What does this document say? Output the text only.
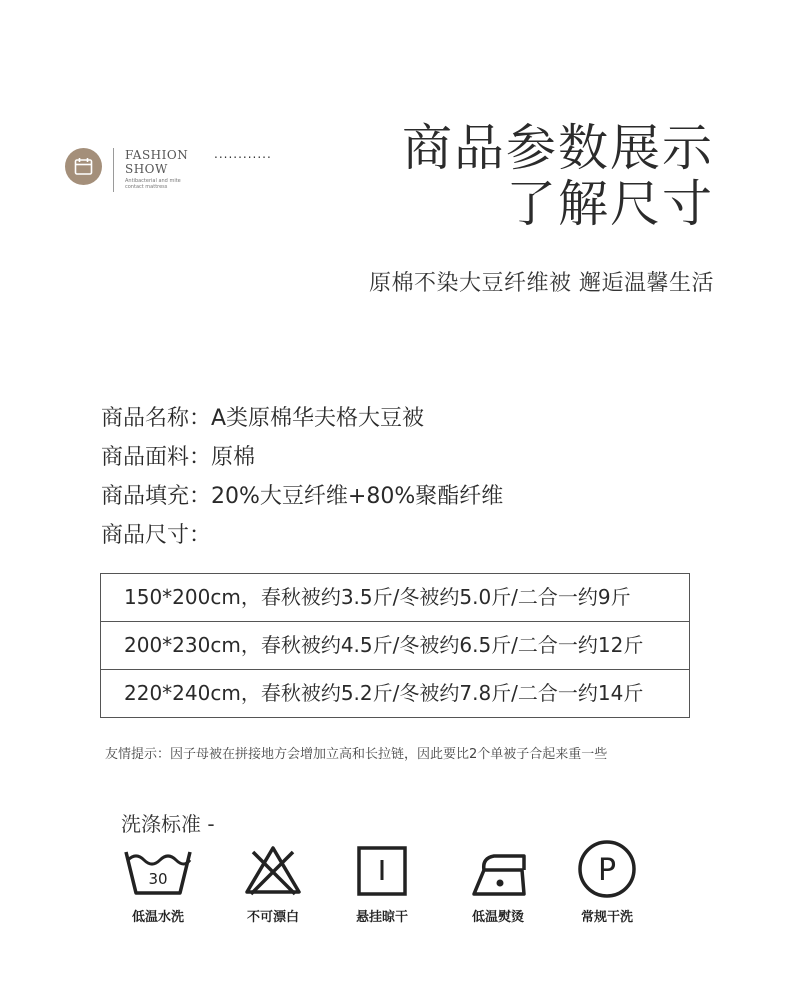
FASHION
SHOW
Antibacterial and mite
contact mattress
............	商品参数展示
了解尺寸
原棉不染大豆纤维被 邂逅温馨生活
商品名称：A类原棉华夫格大豆被
商品面料：原棉
商品填充：20%大豆纤维+80%聚酯纤维
商品尺寸：
150*200cm，春秋被约3.5斤/冬被约5.0斤/二合一约9斤
200*230cm，春秋被约4.5斤/冬被约6.5斤/二合一约12斤
220*240cm，春秋被约5.2斤/冬被约7.8斤/二合一约14斤
友情提示：因子母被在拼接地方会增加立高和长拉链，因此要比2个单被子合起来重一些
洗涤标准 -
30
低温水洗	不可漂白	悬挂晾干	低温熨烫
P
常规干洗
